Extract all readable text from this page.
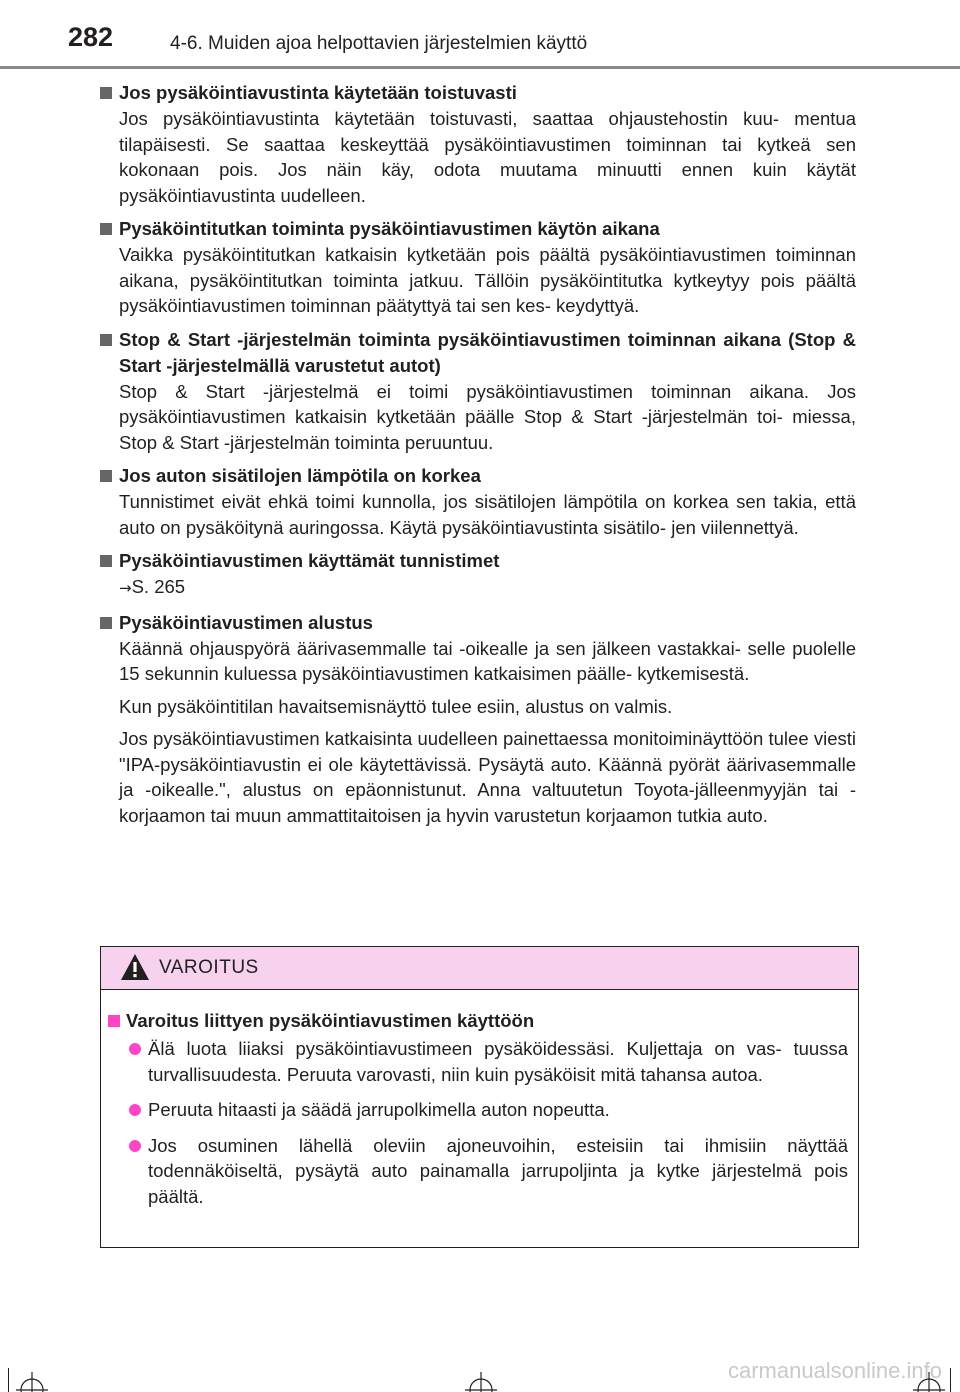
282	4-6. Muiden ajoa helpottavien järjestelmien käyttö
Jos pysäköintiavustinta käytetään toistuvasti

Jos pysäköintiavustinta käytetään toistuvasti, saattaa ohjaustehostin kuu- mentua tilapäisesti. Se saattaa keskeyttää pysäköintiavustimen toiminnan tai kytkeä sen kokonaan pois. Jos näin käy, odota muutama minuutti ennen kuin käytät pysäköintiavustinta uudelleen.

Pysäköintitutkan toiminta pysäköintiavustimen käytön aikana

Vaikka pysäköintitutkan katkaisin kytketään pois päältä pysäköintiavustimen toiminnan aikana, pysäköintitutkan toiminta jatkuu. Tällöin pysäköintitutka kytkeytyy pois päältä pysäköintiavustimen toiminnan päätyttyä tai sen kes- keydyttyä.

Stop & Start -järjestelmän toiminta pysäköintiavustimen toiminnan aikana (Stop & Start -järjestelmällä varustetut autot)

Stop & Start -järjestelmä ei toimi pysäköintiavustimen toiminnan aikana. Jos pysäköintiavustimen katkaisin kytketään päälle Stop & Start -järjestelmän toi- miessa, Stop & Start -järjestelmän toiminta peruuntuu.

Jos auton sisätilojen lämpötila on korkea

Tunnistimet eivät ehkä toimi kunnolla, jos sisätilojen lämpötila on korkea sen takia, että auto on pysäköitynä auringossa. Käytä pysäköintiavustinta sisätilo- jen viilennettyä.

Pysäköintiavustimen käyttämät tunnistimet

→S. 265

Pysäköintiavustimen alustus

Käännä ohjauspyörä äärivasemmalle tai -oikealle ja sen jälkeen vastakkai- selle puolelle 15 sekunnin kuluessa pysäköintiavustimen katkaisimen päälle- kytkemisestä.

Kun pysäköintitilan havaitsemisnäyttö tulee esiin, alustus on valmis.

Jos pysäköintiavustimen katkaisinta uudelleen painettaessa monitoiminäyttöön tulee viesti "IPA-pysäköintiavustin ei ole käytettävissä. Pysäytä auto. Käännä pyörät äärivasemmalle ja -oikealle.", alustus on epäonnistunut. Anna valtuutetun Toyota-jälleenmyyjän tai -korjaamon tai muun ammattitaitoisen ja hyvin varustetun korjaamon tutkia auto.

VAROITUS
Varoitus liittyen pysäköintiavustimen käyttöön
Älä luota liiaksi pysäköintiavustimeen pysäköidessäsi. Kuljettaja on vas- tuussa turvallisuudesta. Peruuta varovasti, niin kuin pysäköisit mitä tahansa autoa.
Peruuta hitaasti ja säädä jarrupolkimella auton nopeutta.
Jos osuminen lähellä oleviin ajoneuvoihin, esteisiin tai ihmisiin näyttää todennäköiseltä, pysäytä auto painamalla jarrupoljinta ja kytke järjestelmä pois päältä.
carmanualsonline.info
